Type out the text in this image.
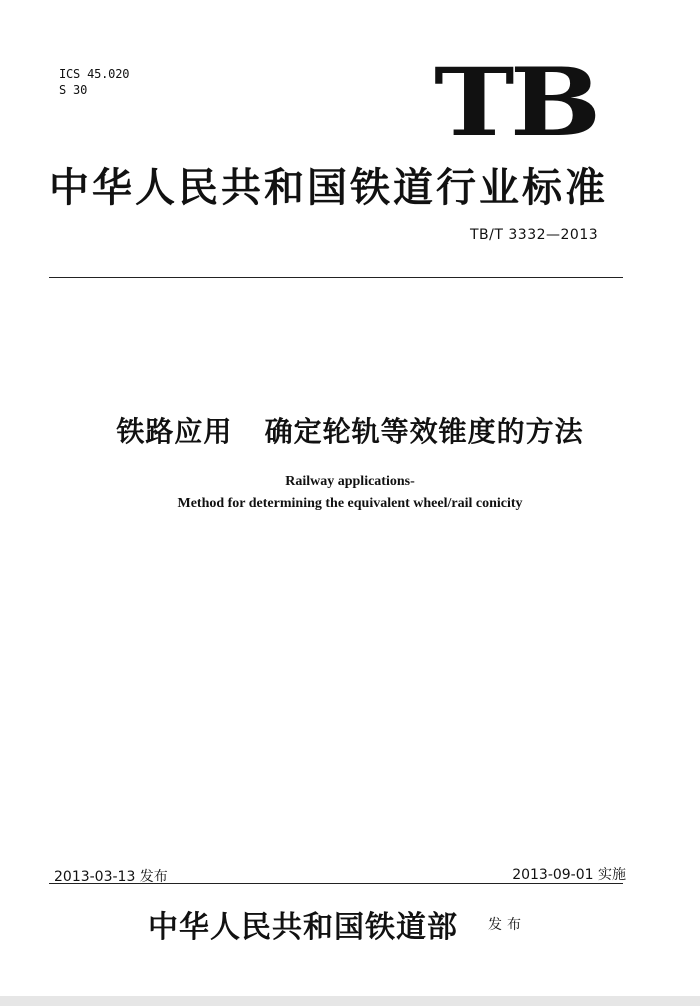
ICS 45.020
S 30	TB
中华人民共和国铁道行业标准
TB/T 3332—2013
铁路应用   确定轮轨等效锥度的方法
Railway applications-
Method for determining the equivalent wheel/rail conicity
2013-03-13 发布	2013-09-01 实施
中华人民共和国铁道部 发布
